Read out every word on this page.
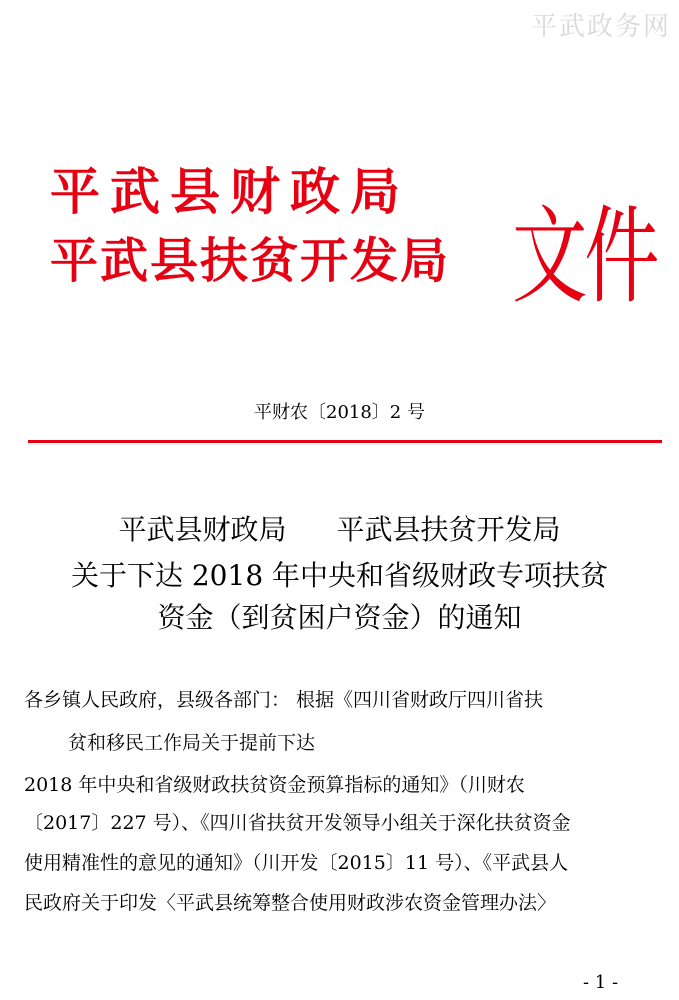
平武政务网
平武县财政局
平武县扶贫开发局 文件
平财农〔2018〕2 号
平武县财政局 平武县扶贫开发局
关于下达 2018 年中央和省级财政专项扶贫
资金（到贫困户资金）的通知
各乡镇人民政府，县级各部门： 根据《四川省财政厅四川省扶
贫和移民工作局关于提前下达
2018 年中央和省级财政扶贫资金预算指标的通知》（川财农
〔2017〕227 号）、《四川省扶贫开发领导小组关于深化扶贫资金
使用精准性的意见的通知》（川开发〔2015〕11 号）、《平武县人
民政府关于印发〈平武县统筹整合使用财政涉农资金管理办法〉
- 1 -
